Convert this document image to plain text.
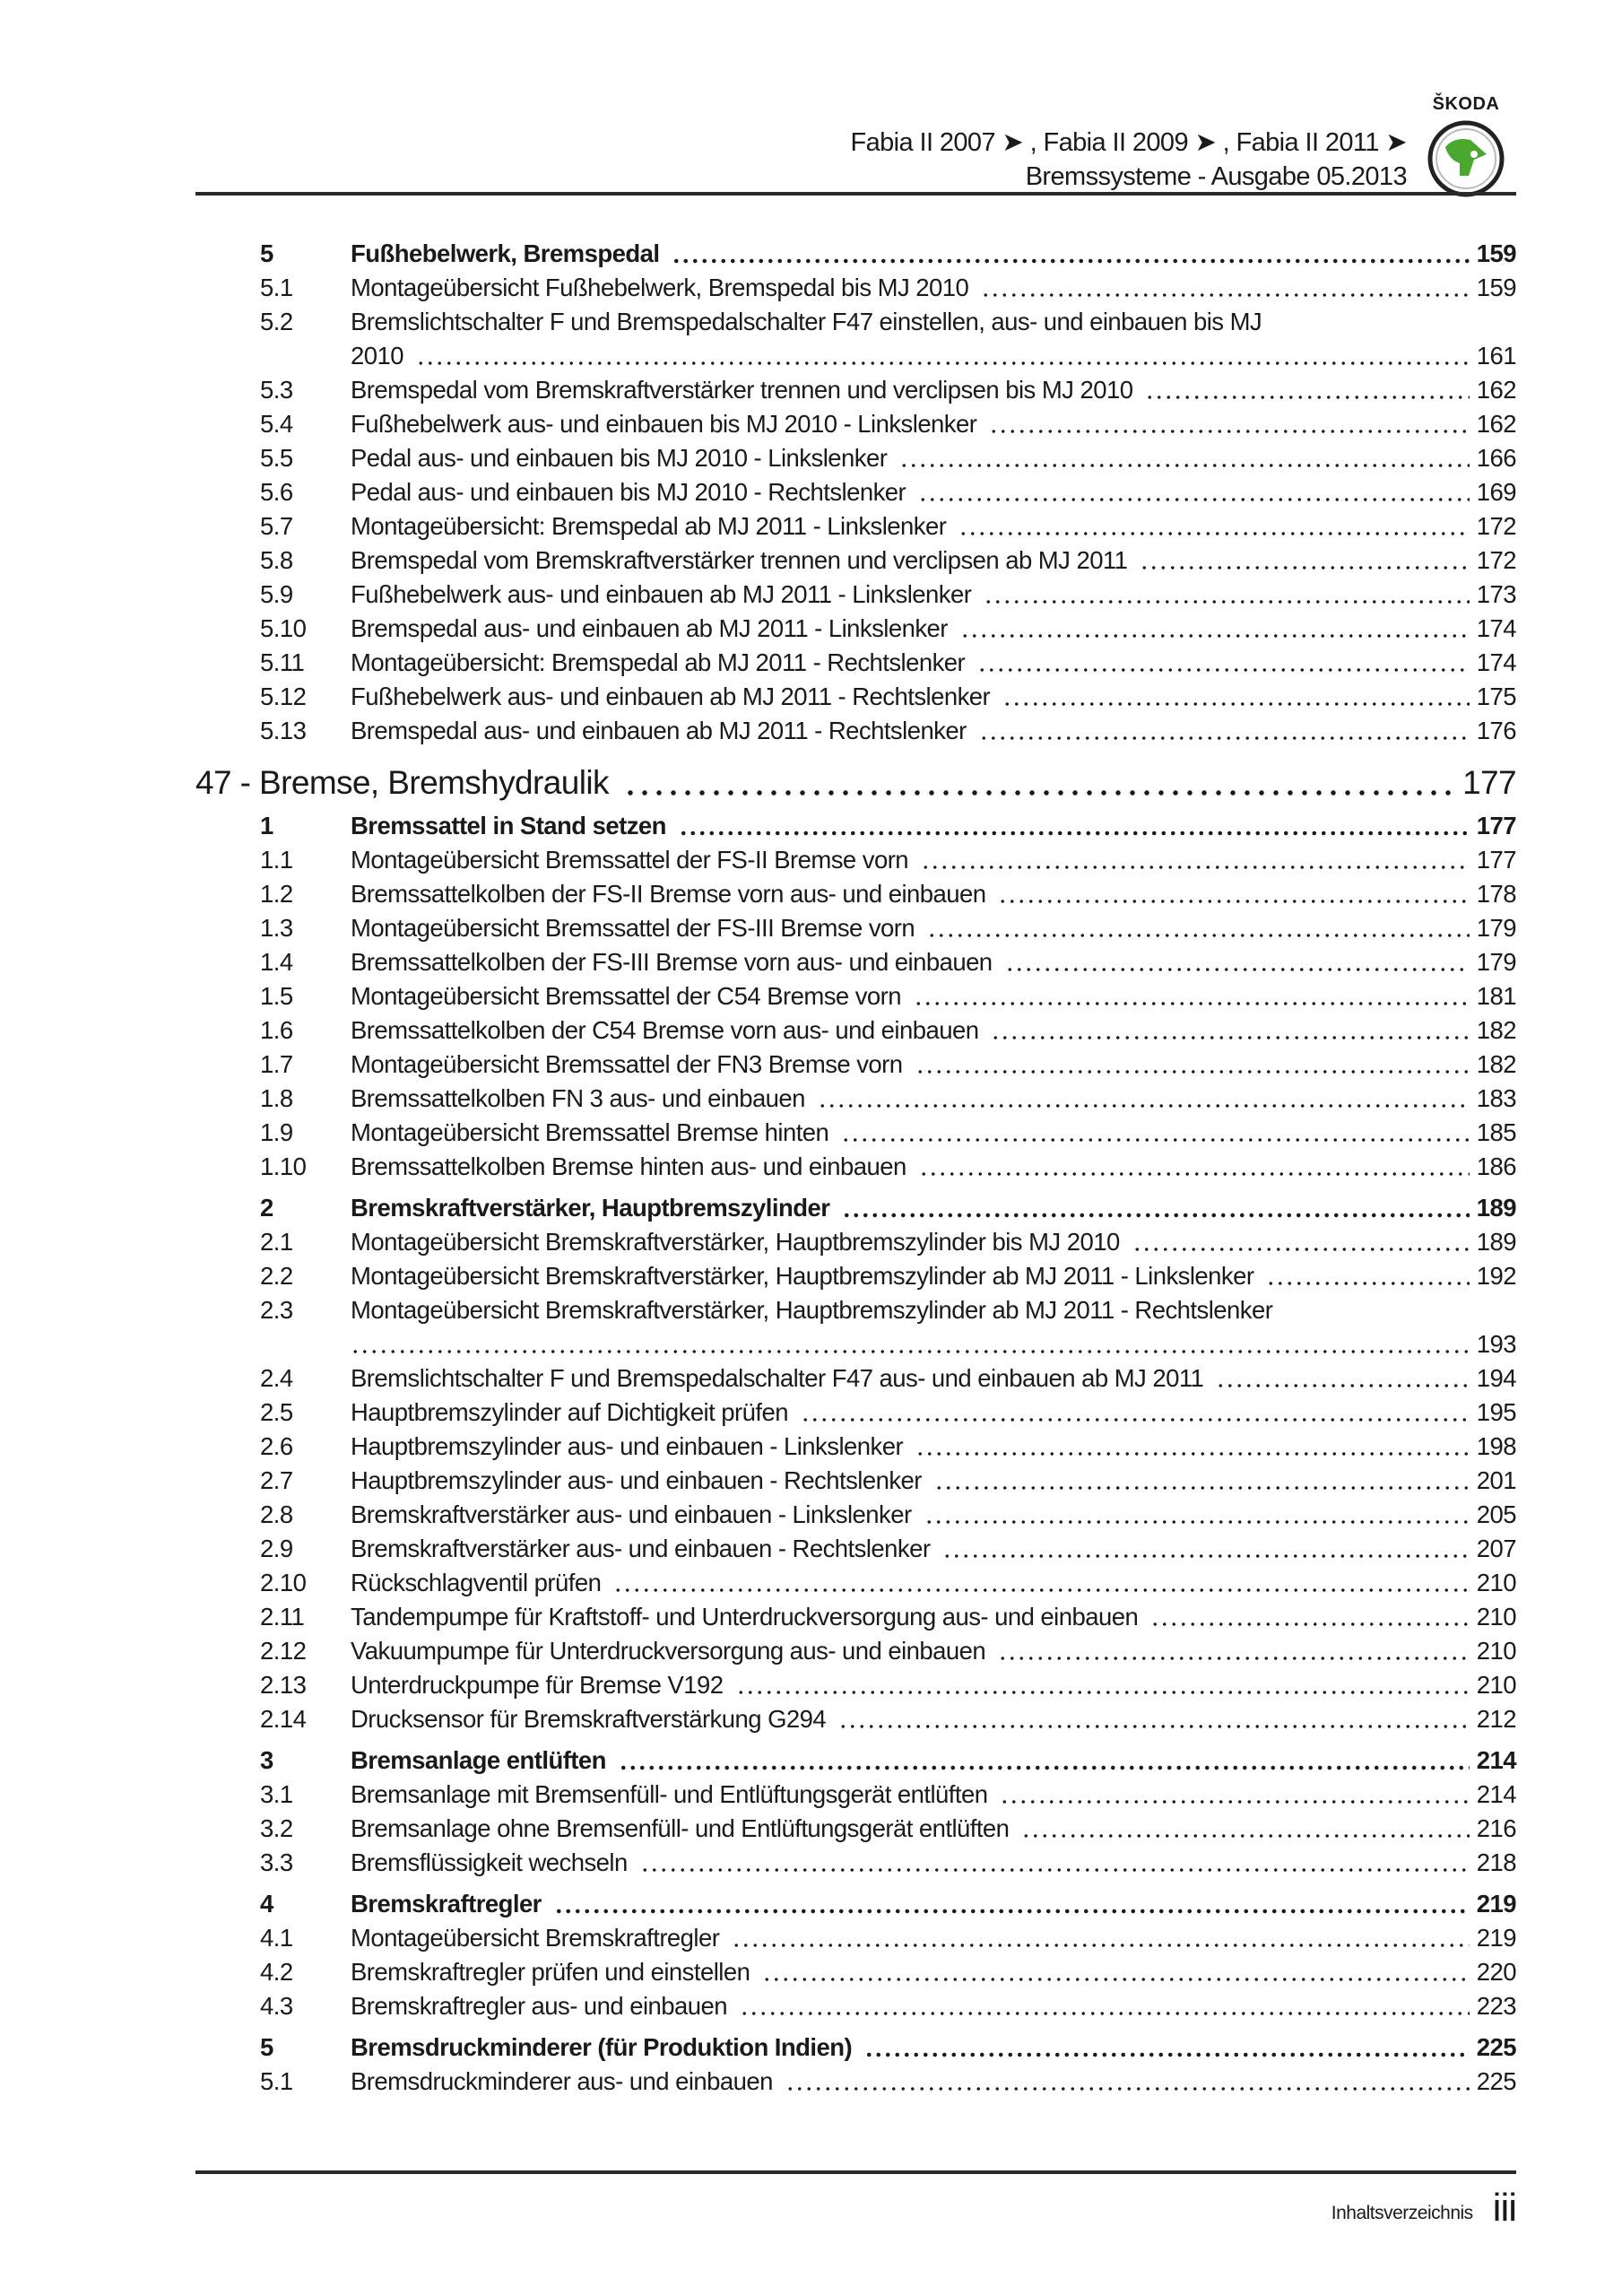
Fabia II 2007 ➤ , Fabia II 2009 ➤ , Fabia II 2011 ➤
Bremssysteme - Ausgabe 05.2013
ŠKODA
5	Fußhebelwerk, Bremspedal	159
5.1	Montageübersicht Fußhebelwerk, Bremspedal bis MJ 2010	159
5.2	Bremslichtschalter F und Bremspedalschalter F47 einstellen, aus- und einbauen bis MJ
2010	161
5.3	Bremspedal vom Bremskraftverstärker trennen und verclipsen bis MJ 2010	162
5.4	Fußhebelwerk aus- und einbauen bis MJ 2010 - Linkslenker	162
5.5	Pedal aus- und einbauen bis MJ 2010 - Linkslenker	166
5.6	Pedal aus- und einbauen bis MJ 2010 - Rechtslenker	169
5.7	Montageübersicht: Bremspedal ab MJ 2011 - Linkslenker	172
5.8	Bremspedal vom Bremskraftverstärker trennen und verclipsen ab MJ 2011	172
5.9	Fußhebelwerk aus- und einbauen ab MJ 2011 - Linkslenker	173
5.10	Bremspedal aus- und einbauen ab MJ 2011 - Linkslenker	174
5.11	Montageübersicht: Bremspedal ab MJ 2011 - Rechtslenker	174
5.12	Fußhebelwerk aus- und einbauen ab MJ 2011 - Rechtslenker	175
5.13	Bremspedal aus- und einbauen ab MJ 2011 - Rechtslenker	176
47 - Bremse, Bremshydraulik	177
1	Bremssattel in Stand setzen	177
1.1	Montageübersicht Bremssattel der FS-II Bremse vorn	177
1.2	Bremssattelkolben der FS-II Bremse vorn aus- und einbauen	178
1.3	Montageübersicht Bremssattel der FS-III Bremse vorn	179
1.4	Bremssattelkolben der FS-III Bremse vorn aus- und einbauen	179
1.5	Montageübersicht Bremssattel der C54 Bremse vorn	181
1.6	Bremssattelkolben der C54 Bremse vorn aus- und einbauen	182
1.7	Montageübersicht Bremssattel der FN3 Bremse vorn	182
1.8	Bremssattelkolben FN 3 aus- und einbauen	183
1.9	Montageübersicht Bremssattel Bremse hinten	185
1.10	Bremssattelkolben Bremse hinten aus- und einbauen	186
2	Bremskraftverstärker, Hauptbremszylinder	189
2.1	Montageübersicht Bremskraftverstärker, Hauptbremszylinder bis MJ 2010	189
2.2	Montageübersicht Bremskraftverstärker, Hauptbremszylinder ab MJ 2011 - Linkslenker	192
2.3	Montageübersicht Bremskraftverstärker, Hauptbremszylinder ab MJ 2011 - Rechtslenker
193
2.4	Bremslichtschalter F und Bremspedalschalter F47 aus- und einbauen ab MJ 2011	194
2.5	Hauptbremszylinder auf Dichtigkeit prüfen	195
2.6	Hauptbremszylinder aus- und einbauen - Linkslenker	198
2.7	Hauptbremszylinder aus- und einbauen - Rechtslenker	201
2.8	Bremskraftverstärker aus- und einbauen - Linkslenker	205
2.9	Bremskraftverstärker aus- und einbauen - Rechtslenker	207
2.10	Rückschlagventil prüfen	210
2.11	Tandempumpe für Kraftstoff- und Unterdruckversorgung aus- und einbauen	210
2.12	Vakuumpumpe für Unterdruckversorgung aus- und einbauen	210
2.13	Unterdruckpumpe für Bremse V192	210
2.14	Drucksensor für Bremskraftverstärkung G294	212
3	Bremsanlage entlüften	214
3.1	Bremsanlage mit Bremsenfüll- und Entlüftungsgerät entlüften	214
3.2	Bremsanlage ohne Bremsenfüll- und Entlüftungsgerät entlüften	216
3.3	Bremsflüssigkeit wechseln	218
4	Bremskraftregler	219
4.1	Montageübersicht Bremskraftregler	219
4.2	Bremskraftregler prüfen und einstellen	220
4.3	Bremskraftregler aus- und einbauen	223
5	Bremsdruckminderer (für Produktion Indien)	225
5.1	Bremsdruckminderer aus- und einbauen	225
Inhaltsverzeichnis iii
